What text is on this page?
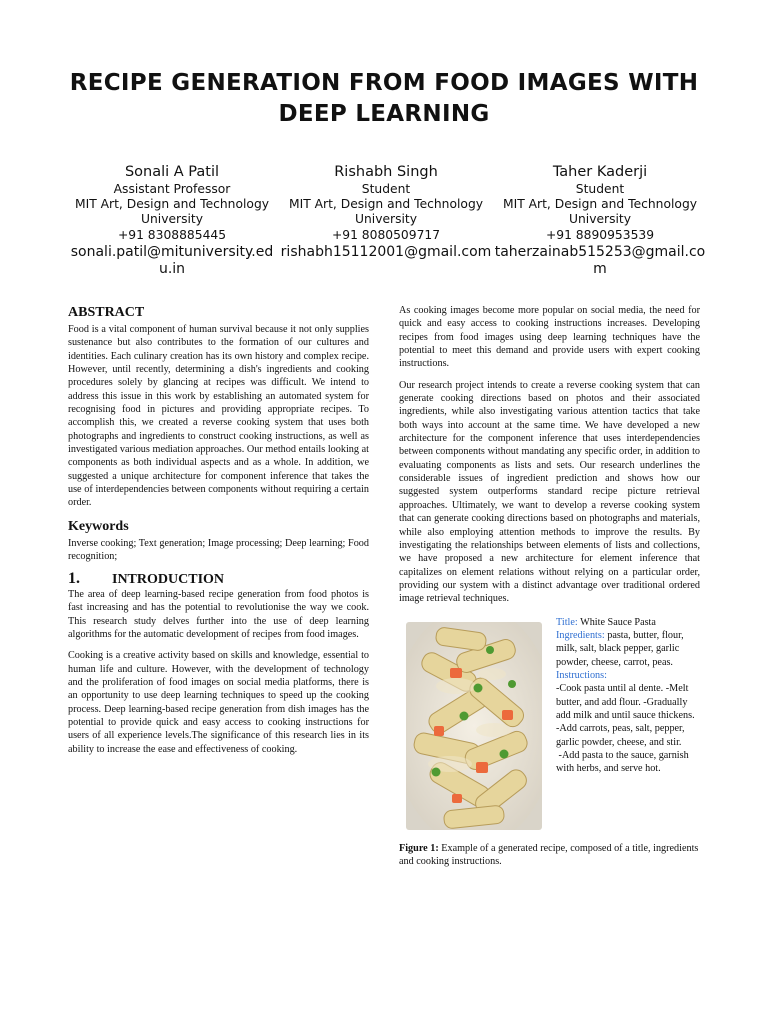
RECIPE GENERATION FROM FOOD IMAGES WITH DEEP LEARNING
Sonali A Patil
Assistant Professor
MIT Art, Design and Technology University
+91 8308885445
sonali.patil@mituniversity.edu.in
Rishabh Singh
Student
MIT Art, Design and Technology University
+91 8080509717
rishabh15112001@gmail.com
Taher Kaderji
Student
MIT Art, Design and Technology University
+91 8890953539
taherzainab515253@gmail.com
ABSTRACT

Food is a vital component of human survival because it not only supplies sustenance but also contributes to the formation of our cultures and identities. Each culinary creation has its own history and complex recipe. However, until recently, determining a dish's ingredients and cooking procedures solely by glancing at recipes was difficult. We intend to address this issue in this work by establishing an automated system for recognising food in pictures and providing appropriate recipes. To accomplish this, we created a reverse cooking system that uses both photographs and ingredients to construct cooking instructions, as well as investigated various mediation approaches. Our method entails looking at components as both individual aspects and as a whole. In addition, we suggested a unique architecture for component inference that takes the use of interdependencies between components without requiring a certain order.

Keywords

Inverse cooking; Text generation; Image processing; Deep learning; Food recognition;

1.	INTRODUCTION

The area of deep learning-based recipe generation from food photos is fast increasing and has the potential to revolutionise the way we cook. This research study delves further into the use of deep learning algorithms for the automatic development of recipes from food images.

Cooking is a creative activity based on skills and knowledge, essential to human life and culture. However, with the development of technology and the proliferation of food images on social media platforms, there is an opportunity to use deep learning techniques to speed up the cooking process. Deep learning-based recipe generation from dish images has the potential to provide quick and easy access to cooking instructions for users of all experience levels.The significance of this research lies in its ability to increase the ease and effectiveness of cooking.

As cooking images become more popular on social media, the need for quick and easy access to cooking instructions increases. Developing recipes from food images using deep learning techniques have the potential to meet this demand and provide users with expert cooking instructions.

Our research project intends to create a reverse cooking system that can generate cooking directions based on photos and their associated ingredients, while also investigating various attention tactics that take both ways into account at the same time. We have developed a new architecture for the component inference that uses interdependencies between components without mandating any specific order, in addition to evaluating components as lists and sets. Our research underlines the considerable issues of ingredient prediction and shows how our suggested system outperforms standard recipe picture retrieval approaches. Ultimately, we want to develop a reverse cooking system that can generate cooking directions based on photographs and materials, while also employing attention methods to improve the results. By investigating the relationships between elements of lists and collections, we have proposed a new architecture for element inference that capitalizes on element relations without relying on a particular order, providing our system with a distinct advantage over traditional ordered image retrieval techniques.

Title: White Sauce Pasta
Ingredients: pasta, butter, flour, milk, salt, black pepper, garlic powder, cheese, carrot, peas.
Instructions:
-Cook pasta until al dente. -Melt butter, and add flour. -Gradually add milk and until sauce thickens.
-Add carrots, peas, salt, pepper, garlic powder, cheese, and stir.
-Add pasta to the sauce, garnish with herbs, and serve hot.
Figure 1: Example of a generated recipe, composed of a title, ingredients and cooking instructions.
